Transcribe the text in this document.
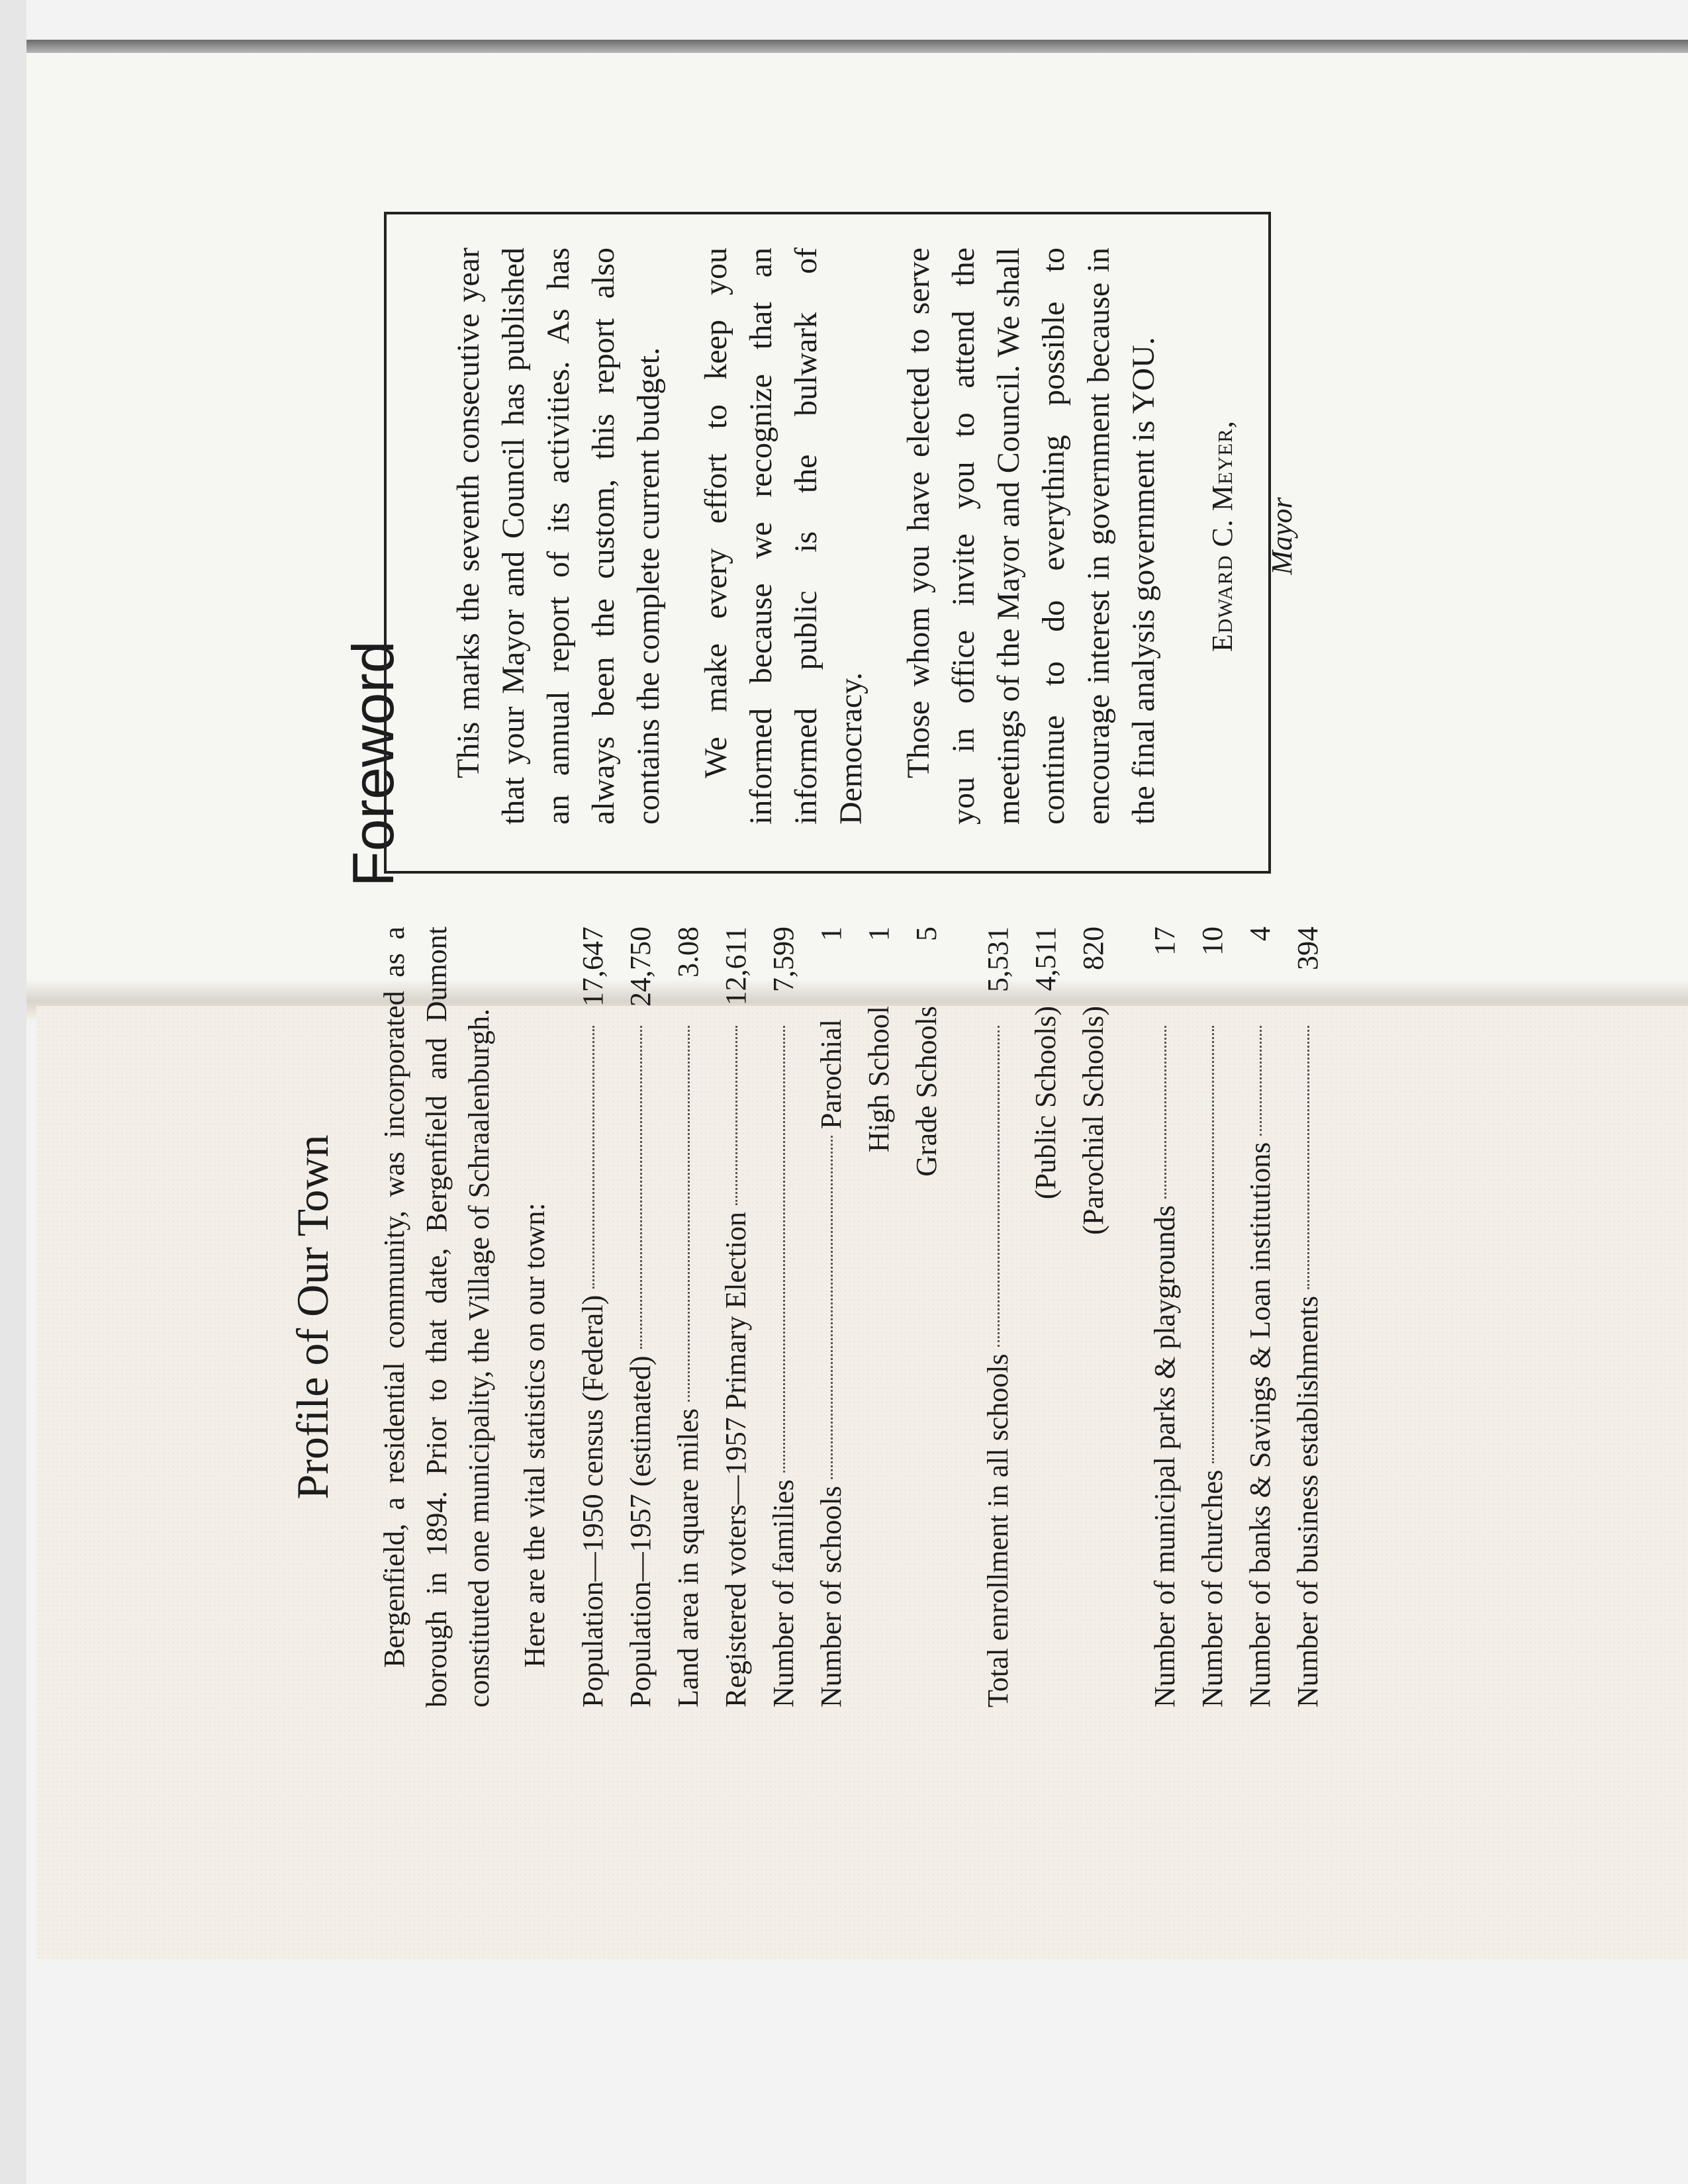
Foreword This marks the seventh consecutive year that your Mayor and Council has published an annual report of its activities. As has always been the custom, this report also contains the complete current budget. We make every effort to keep you informed because we recognize that an informed public is the bulwark of Democracy. Those whom you have elected to serve you in office invite you to attend the meetings of the Mayor and Council. We shall continue to do everything possible to encourage interest in government because in the final analysis government is YOU.	Edward C. Meyer, Mayor
Profile of Our Town Bergenfield, a residential community, was incorporated as a borough in 1894. Prior to that date, Bergenfield and Dumont constituted one municipality, the Village of Schraalenburgh. Here are the vital statistics on our town: Population—1950 census (Federal)
17,647
Population—1957 (estimated)
24,750
Land area in square miles
3.08
Registered voters—1957 Primary Election
12,611
Number of families
7,599
Number of schools
Parochial
1
High School
1
Grade Schools
5
Total enrollment in all schools
5,531
(Public Schools)
4,511
(Parochial Schools)
820
Number of municipal parks & playgrounds
17
Number of churches
10
Number of banks & Savings & Loan institutions
4
Number of business establishments
394
